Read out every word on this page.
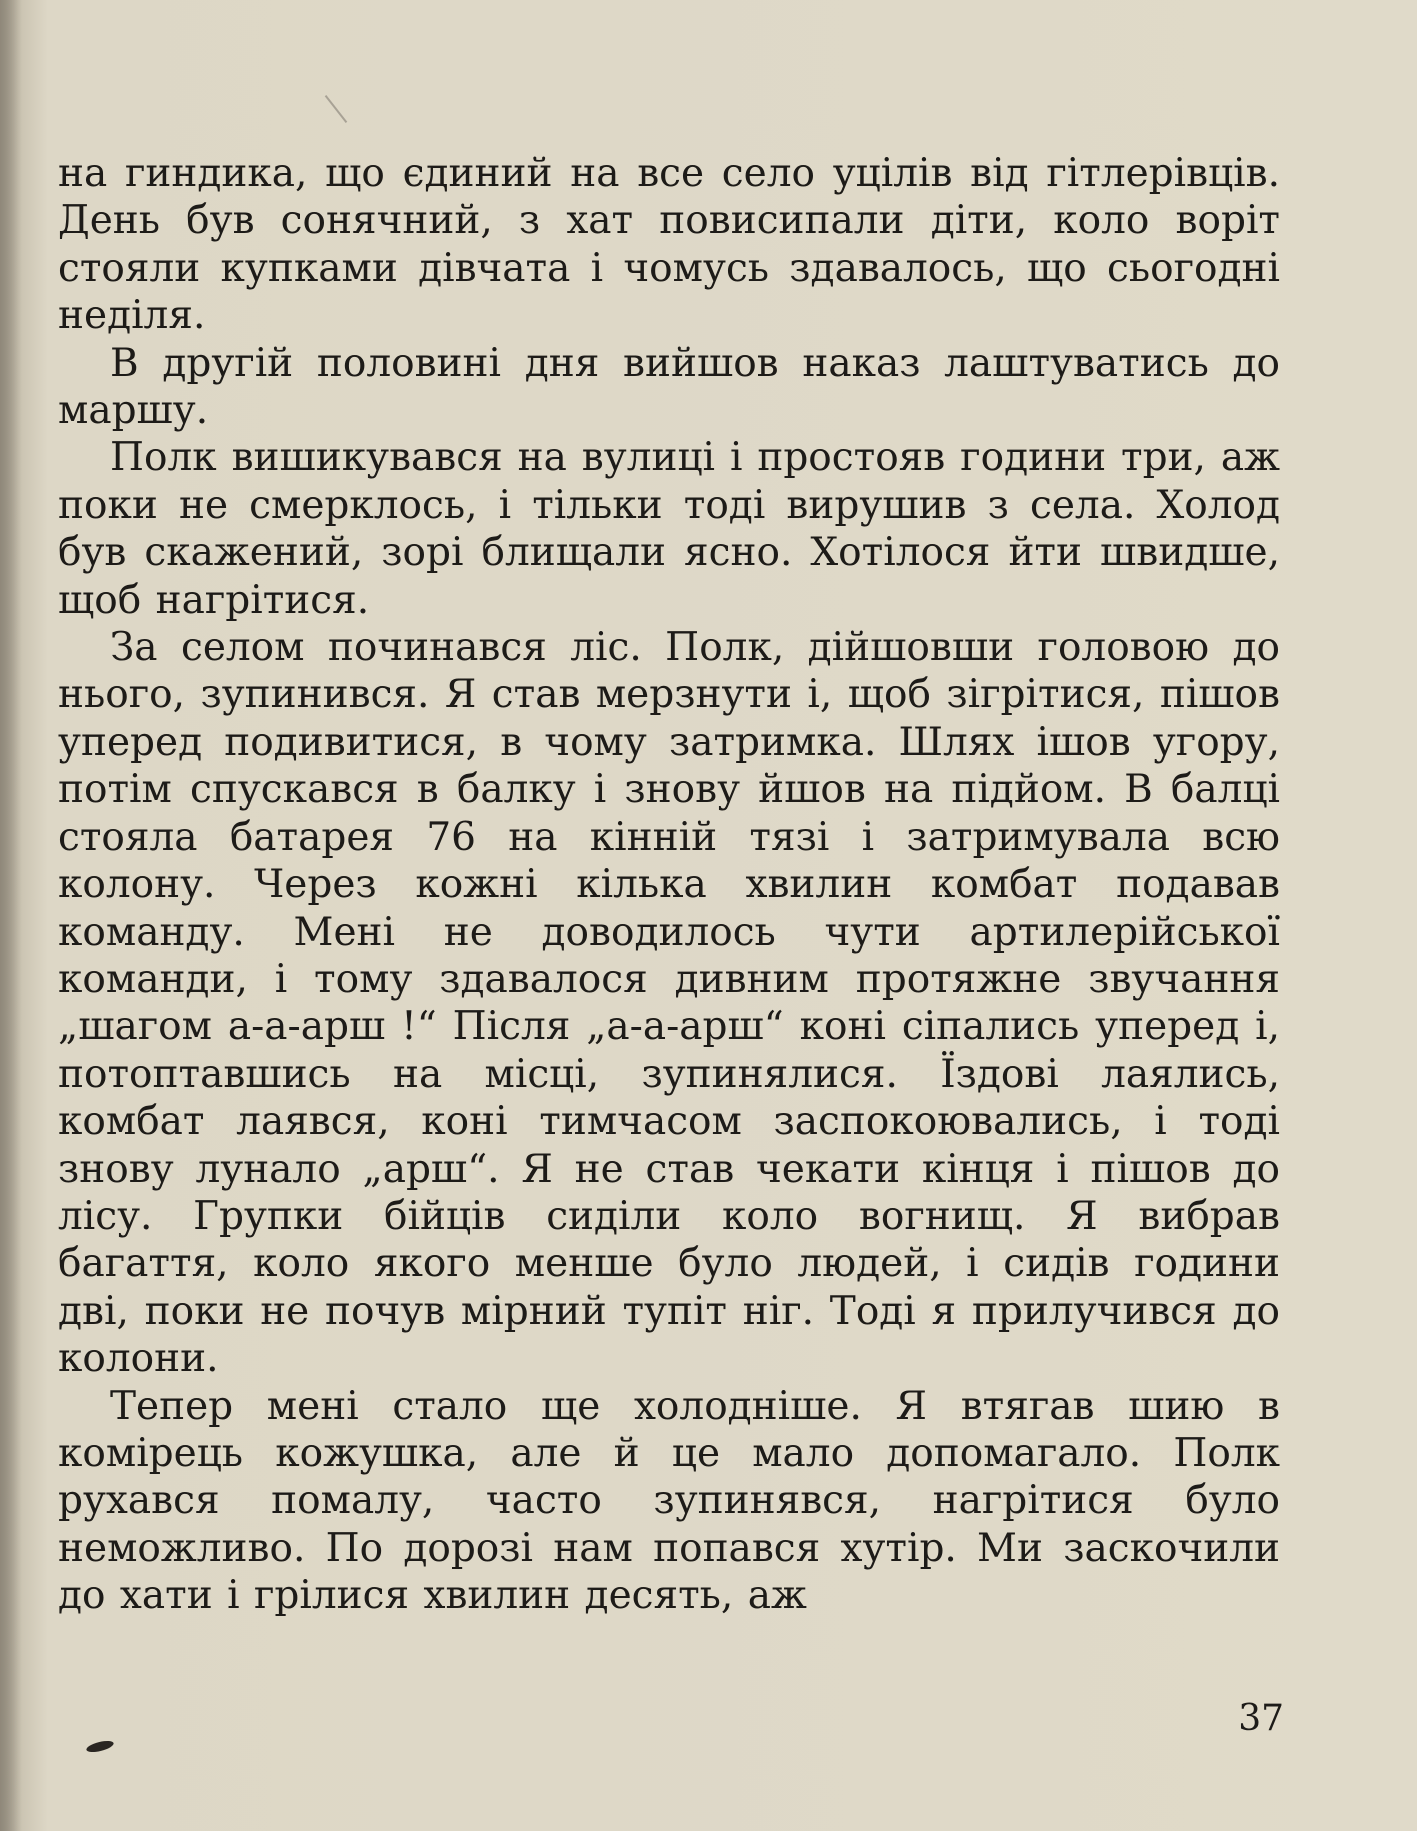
на гиндика, що єдиний на все село уцілів від гітлерівців. День був сонячний, з хат повисипали діти, коло воріт стояли купками дівчата і чомусь здавалось, що сьогодні неділя.

В другій половині дня вийшов наказ лаштуватись до маршу.

Полк вишикувався на вулиці і простояв години три, аж поки не смерклось, і тільки тоді вирушив з села. Холод був скажений, зорі блищали ясно. Хотілося йти швидше, щоб нагрітися.

За селом починався ліс. Полк, дійшовши головою до нього, зупинився. Я став мерзнути і, щоб зігрітися, пішов уперед подивитися, в чому затримка. Шлях ішов угору, потім спускався в балку і знову йшов на підйом. В балці стояла батарея 76 на кінній тязі і затримувала всю колону. Через кожні кілька хвилин комбат подавав команду. Мені не доводилось чути артилерійської команди, і тому здавалося дивним протяжне звучання „шагом а-а-арш !“ Після „а-а-арш“ коні сіпались уперед і, потоптавшись на місці, зупинялися. Їздові лаялись, комбат лаявся, коні тимчасом заспокоювались, і тоді знову лунало „арш“. Я не став чекати кінця і пішов до лісу. Групки бійців сиділи коло вогнищ. Я вибрав багаття, коло якого менше було людей, і сидів години дві, поки не почув мірний тупіт ніг. Тоді я прилучився до колони.

Тепер мені стало ще холодніше. Я втягав шию в комірець кожушка, але й це мало допомагало. Полк рухався помалу, часто зупинявся, нагрітися було неможливо. По дорозі нам попався хутір. Ми заскочили до хати і грілися хвилин десять, аж

37
